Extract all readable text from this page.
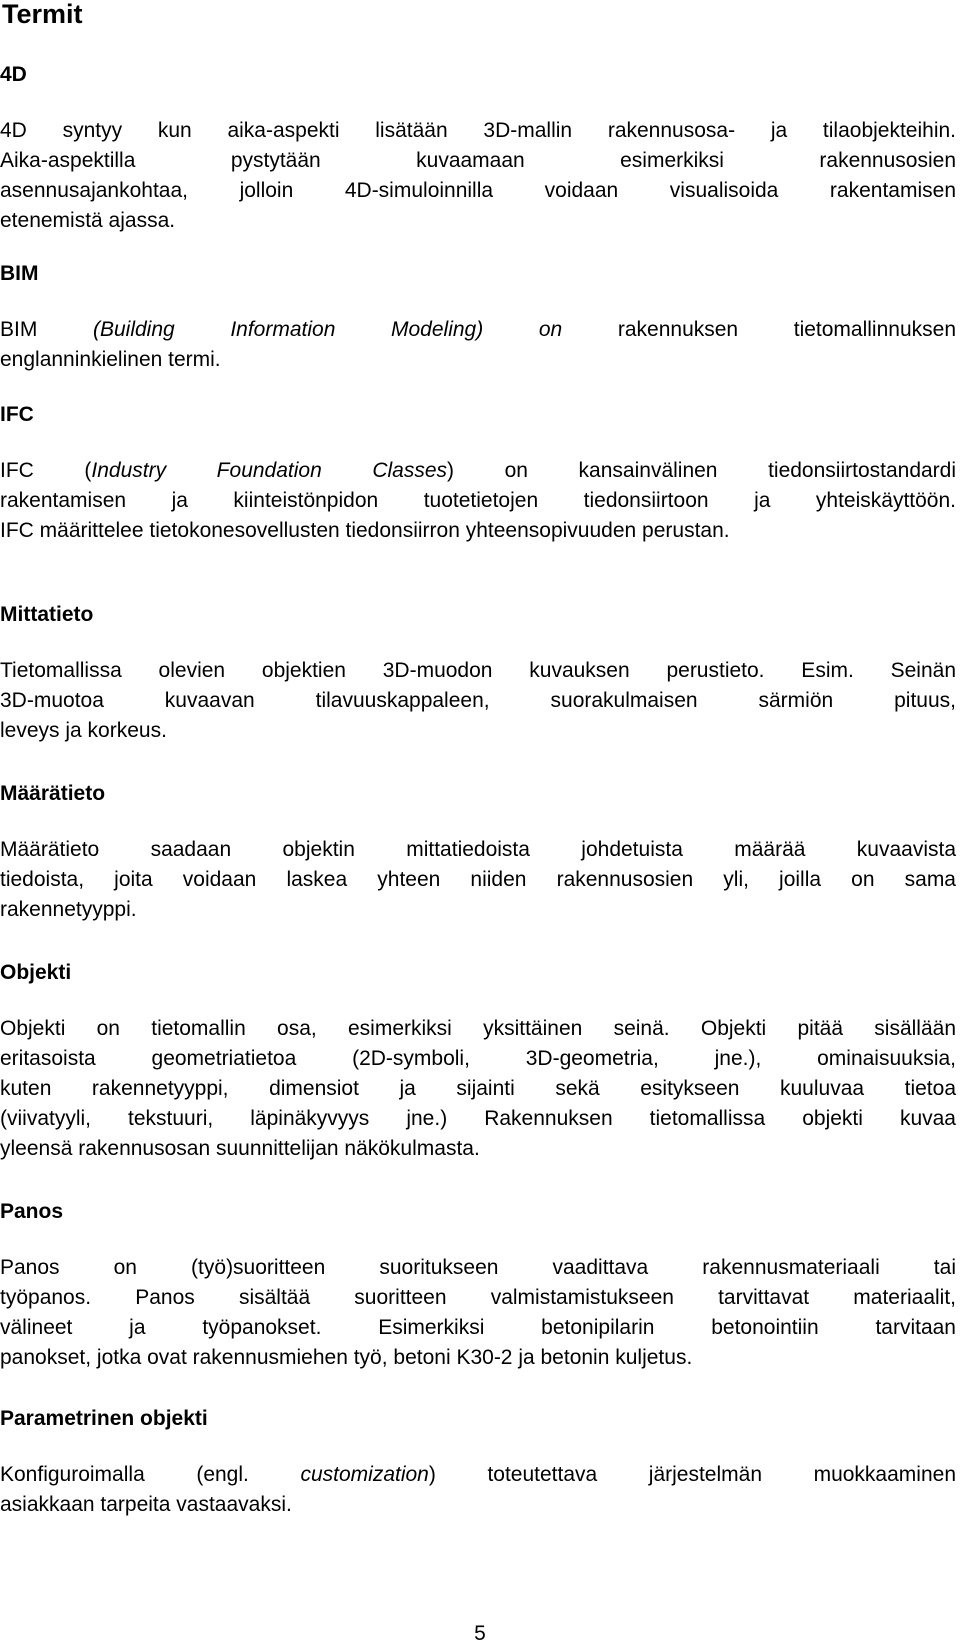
Termit
4D
4D syntyy kun aika-aspekti lisätään 3D-mallin rakennusosa- ja tilaobjekteihin.
Aika-aspektilla pystytään kuvaamaan esimerkiksi rakennusosien
asennusajankohtaa, jolloin 4D-simuloinnilla voidaan visualisoida rakentamisen
etenemistä ajassa.
BIM
BIM (Building Information Modeling) on rakennuksen tietomallinnuksen
englanninkielinen termi.
IFC
IFC (Industry Foundation Classes) on kansainvälinen tiedonsiirtostandardi
rakentamisen ja kiinteistönpidon tuotetietojen tiedonsiirtoon ja yhteiskäyttöön.
IFC määrittelee tietokonesovellusten tiedonsiirron yhteensopivuuden perustan.
Mittatieto
Tietomallissa olevien objektien 3D-muodon kuvauksen perustieto. Esim. Seinän
3D-muotoa kuvaavan tilavuuskappaleen, suorakulmaisen särmiön pituus,
leveys ja korkeus.
Määrätieto
Määrätieto saadaan objektin mittatiedoista johdetuista määrää kuvaavista
tiedoista, joita voidaan laskea yhteen niiden rakennusosien yli, joilla on sama
rakennetyyppi.
Objekti
Objekti on tietomallin osa, esimerkiksi yksittäinen seinä. Objekti pitää sisällään
eritasoista geometriatietoa (2D-symboli, 3D-geometria, jne.), ominaisuuksia,
kuten rakennetyyppi, dimensiot ja sijainti sekä esitykseen kuuluvaa tietoa
(viivatyyli, tekstuuri, läpinäkyvyys jne.) Rakennuksen tietomallissa objekti kuvaa
yleensä rakennusosan suunnittelijan näkökulmasta.
Panos
Panos on (työ)suoritteen suoritukseen vaadittava rakennusmateriaali tai
työpanos. Panos sisältää suoritteen valmistamistukseen tarvittavat materiaalit,
välineet ja työpanokset. Esimerkiksi betonipilarin betonointiin tarvitaan
panokset, jotka ovat rakennusmiehen työ, betoni K30-2 ja betonin kuljetus.
Parametrinen objekti
Konfiguroimalla (engl. customization) toteutettava järjestelmän muokkaaminen
asiakkaan tarpeita vastaavaksi.
5
